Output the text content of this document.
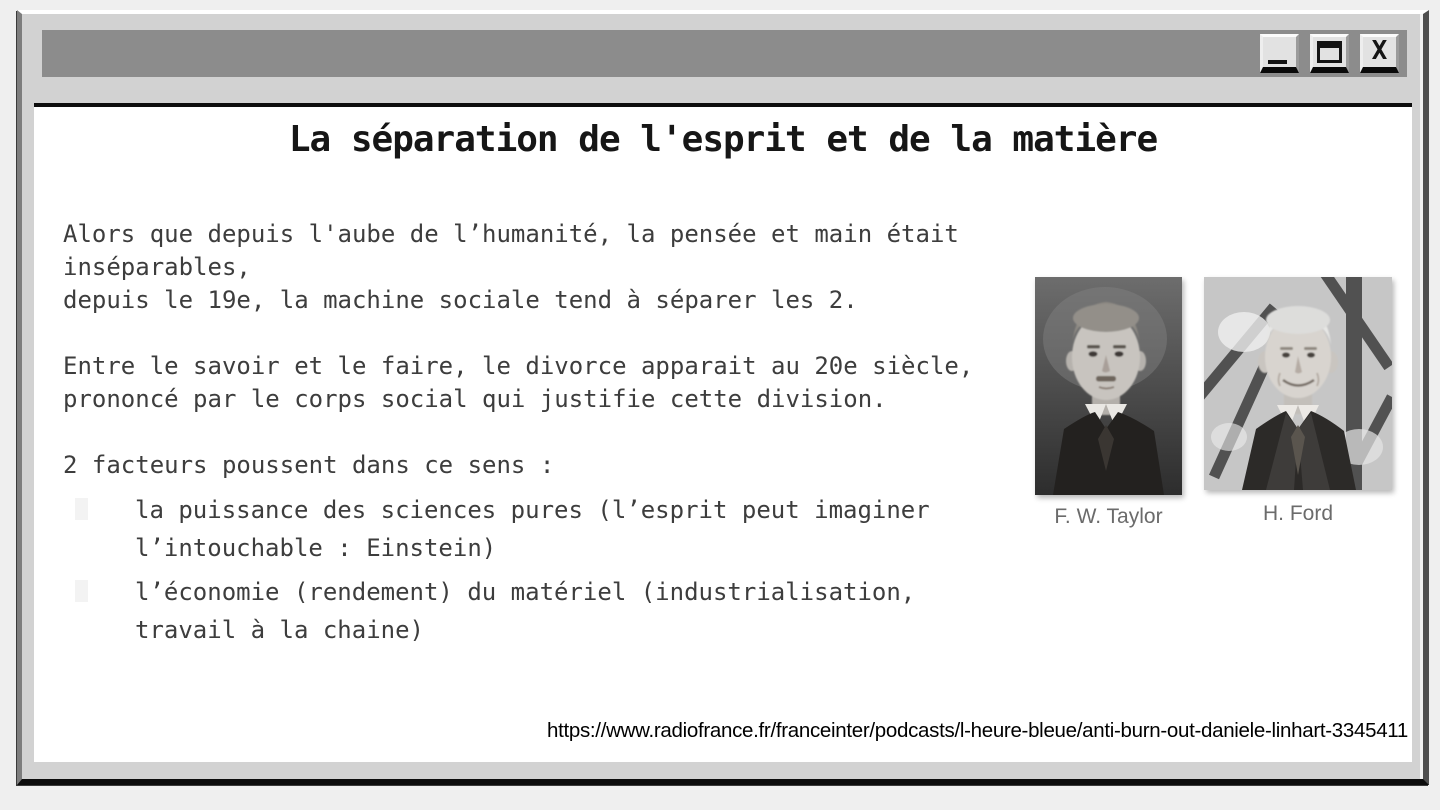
X
La séparation de l'esprit et de la matière
Alors que depuis l'aube de l’humanité, la pensée et main était
inséparables,
depuis le 19e, la machine sociale tend à séparer les 2.
Entre le savoir et le faire, le divorce apparait au 20e siècle,
prononcé par le corps social qui justifie cette division.
2 facteurs poussent dans ce sens :
la puissance des sciences pures (l’esprit peut imaginer
l’intouchable : Einstein)
l’économie (rendement) du matériel (industrialisation,
travail à la chaine)
F. W. Taylor	H. Ford
https://www.radiofrance.fr/franceinter/podcasts/l-heure-bleue/anti-burn-out-daniele-linhart-3345411
